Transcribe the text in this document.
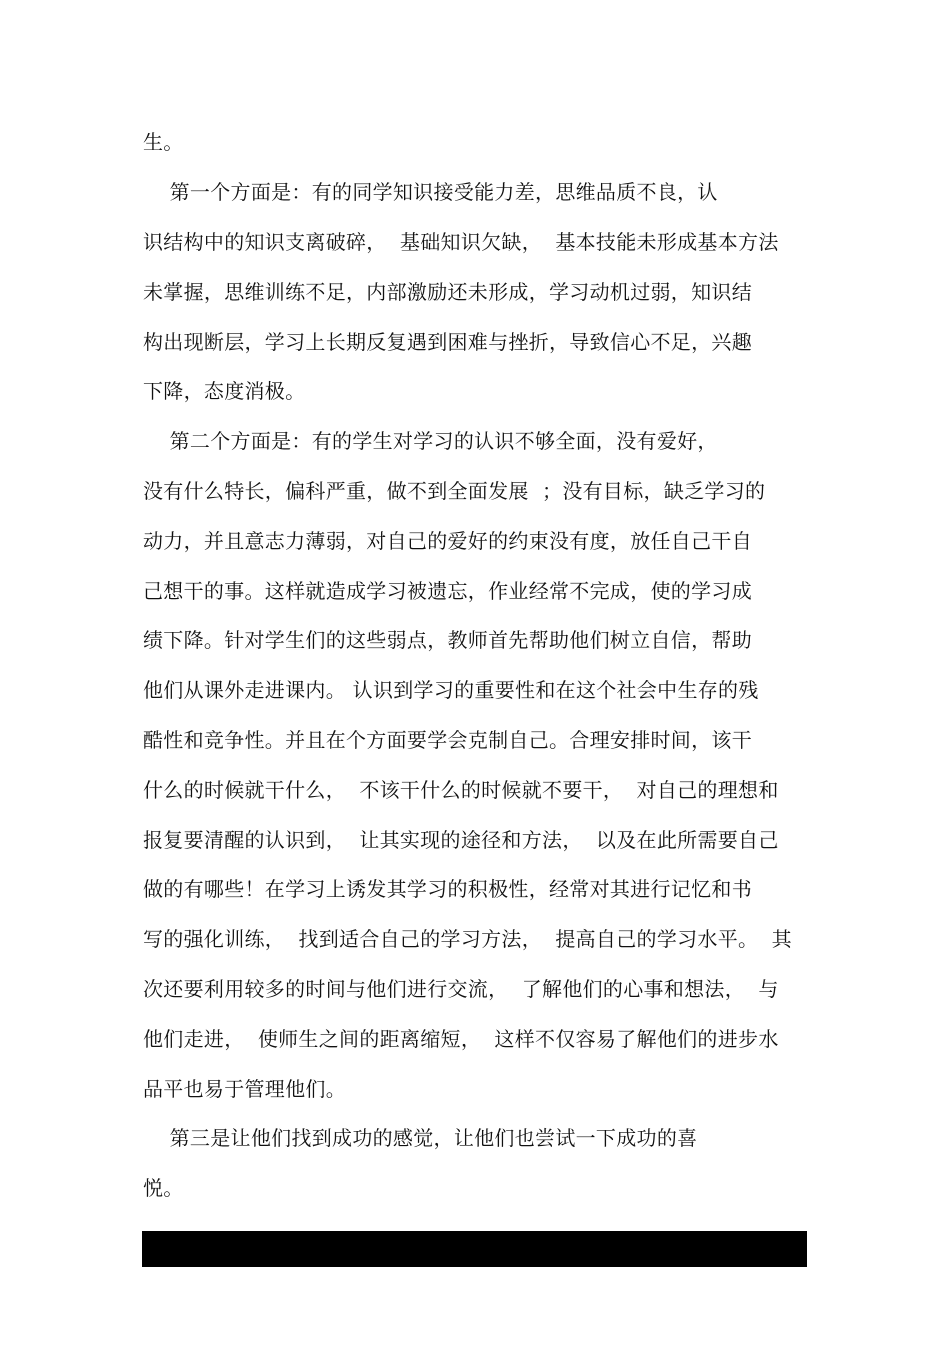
生。
第一个方面是：有的同学知识接受能力差，思维品质不良，认
识结构中的知识支离破碎，  基础知识欠缺，  基本技能未形成基本方法
未掌握，思维训练不足，内部激励还未形成，学习动机过弱，知识结
构出现断层，学习上长期反复遇到困难与挫折，导致信心不足，兴趣
下降，态度消极。
第二个方面是：有的学生对学习的认识不够全面，没有爱好，
没有什么特长，偏科严重，做不到全面发展  ；没有目标，缺乏学习的
动力，并且意志力薄弱，对自己的爱好的约束没有度，放任自己干自
己想干的事。这样就造成学习被遗忘，作业经常不完成，使的学习成
绩下降。针对学生们的这些弱点，教师首先帮助他们树立自信，帮助
他们从课外走进课内。 认识到学习的重要性和在这个社会中生存的残
酷性和竞争性。并且在个方面要学会克制自己。合理安排时间，该干
什么的时候就干什么，  不该干什么的时候就不要干，  对自己的理想和
报复要清醒的认识到，  让其实现的途径和方法，  以及在此所需要自己
做的有哪些！在学习上诱发其学习的积极性，经常对其进行记忆和书
写的强化训练，  找到适合自己的学习方法，  提高自己的学习水平。  其
次还要利用较多的时间与他们进行交流，  了解他们的心事和想法，  与
他们走进，  使师生之间的距离缩短，  这样不仅容易了解他们的进步水
品平也易于管理他们。
第三是让他们找到成功的感觉，让他们也尝试一下成功的喜
悦。
